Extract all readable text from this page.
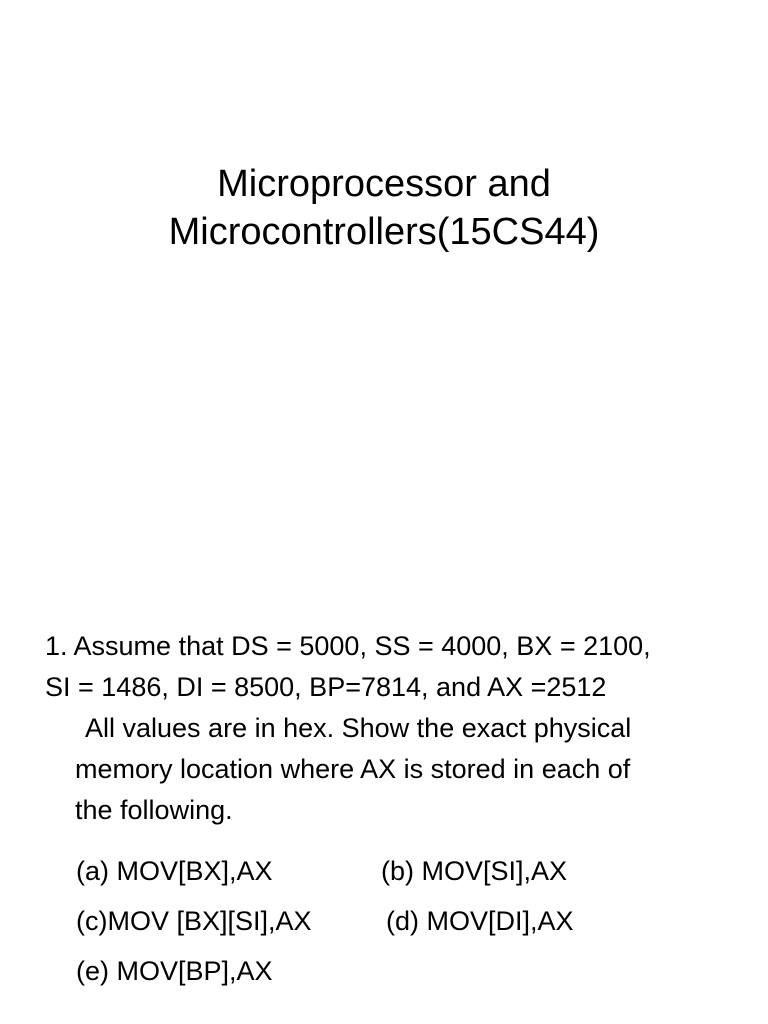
Microprocessor and
Microcontrollers(15CS44)
1. Assume that DS = 5000, SS = 4000, BX = 2100,
SI = 1486, DI = 8500, BP=7814, and AX =2512
All values are in hex. Show the exact physical
memory location where AX is stored in each of
the following.
(a) MOV[BX],AX	(b) MOV[SI],AX
(c)MOV [BX][SI],AX	(d) MOV[DI],AX
(e) MOV[BP],AX
